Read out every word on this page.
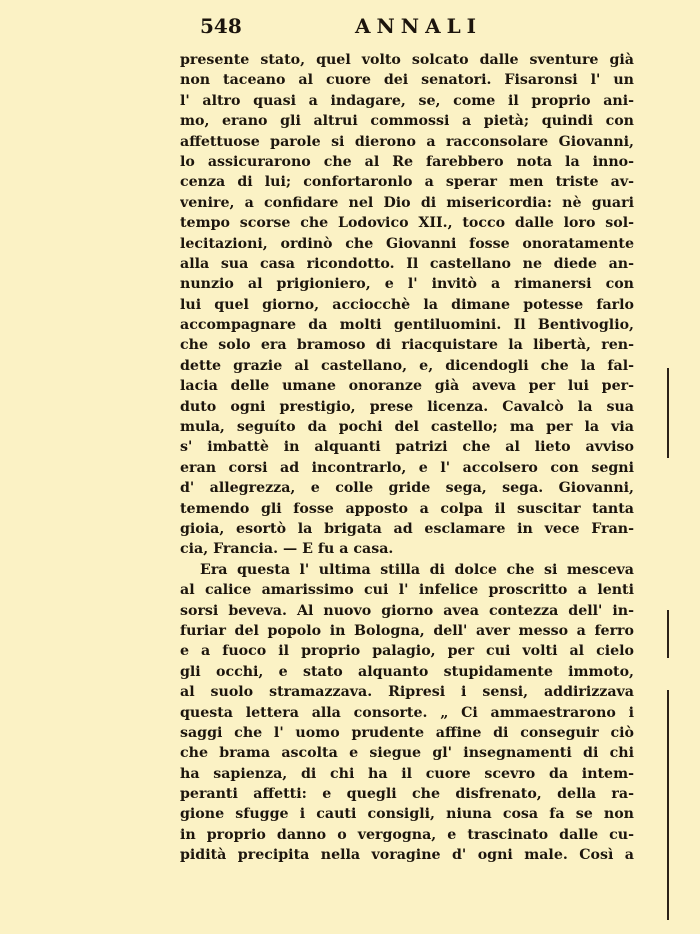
548	ANNALI
presente stato, quel volto solcato dalle sventure già
non taceano al cuore dei senatori. Fisaronsi l' un
l' altro quasi a indagare, se, come il proprio ani-
mo, erano gli altrui commossi a pietà; quindi con
affettuose parole si dierono a racconsolare Giovanni,
lo assicurarono che al Re farebbero nota la inno-
cenza di lui; confortaronlo a sperar men triste av-
venire, a confidare nel Dio di misericordia: nè guari
tempo scorse che Lodovico XII., tocco dalle loro sol-
lecitazioni, ordinò che Giovanni fosse onoratamente
alla sua casa ricondotto. Il castellano ne diede an-
nunzio al prigioniero, e l' invitò a rimanersi con
lui quel giorno, acciocchè la dimane potesse farlo
accompagnare da molti gentiluomini. Il Bentivoglio,
che solo era bramoso di riacquistare la libertà, ren-
dette grazie al castellano, e, dicendogli che la fal-
lacia delle umane onoranze già aveva per lui per-
duto ogni prestigio, prese licenza. Cavalcò la sua
mula, seguíto da pochi del castello; ma per la via
s' imbattè in alquanti patrizi che al lieto avviso
eran corsi ad incontrarlo, e l' accolsero con segni
d' allegrezza, e colle gride sega, sega. Giovanni,
temendo gli fosse apposto a colpa il suscitar tanta
gioia, esortò la brigata ad esclamare in vece Fran-
cia, Francia. — E fu a casa.
Era questa l' ultima stilla di dolce che si mesceva
al calice amarissimo cui l' infelice proscritto a lenti
sorsi beveva. Al nuovo giorno avea contezza dell' in-
furiar del popolo in Bologna, dell' aver messo a ferro
e a fuoco il proprio palagio, per cui volti al cielo
gli occhi, e stato alquanto stupidamente immoto,
al suolo stramazzava. Ripresi i sensi, addirizzava
questa lettera alla consorte. „ Ci ammaestrarono i
saggi che l' uomo prudente affine di conseguir ciò
che brama ascolta e siegue gl' insegnamenti di chi
ha sapienza, di chi ha il cuore scevro da intem-
peranti affetti: e quegli che disfrenato, della ra-
gione sfugge i cauti consigli, niuna cosa fa se non
in proprio danno o vergogna, e trascinato dalle cu-
pidità precipita nella voragine d' ogni male. Così a
